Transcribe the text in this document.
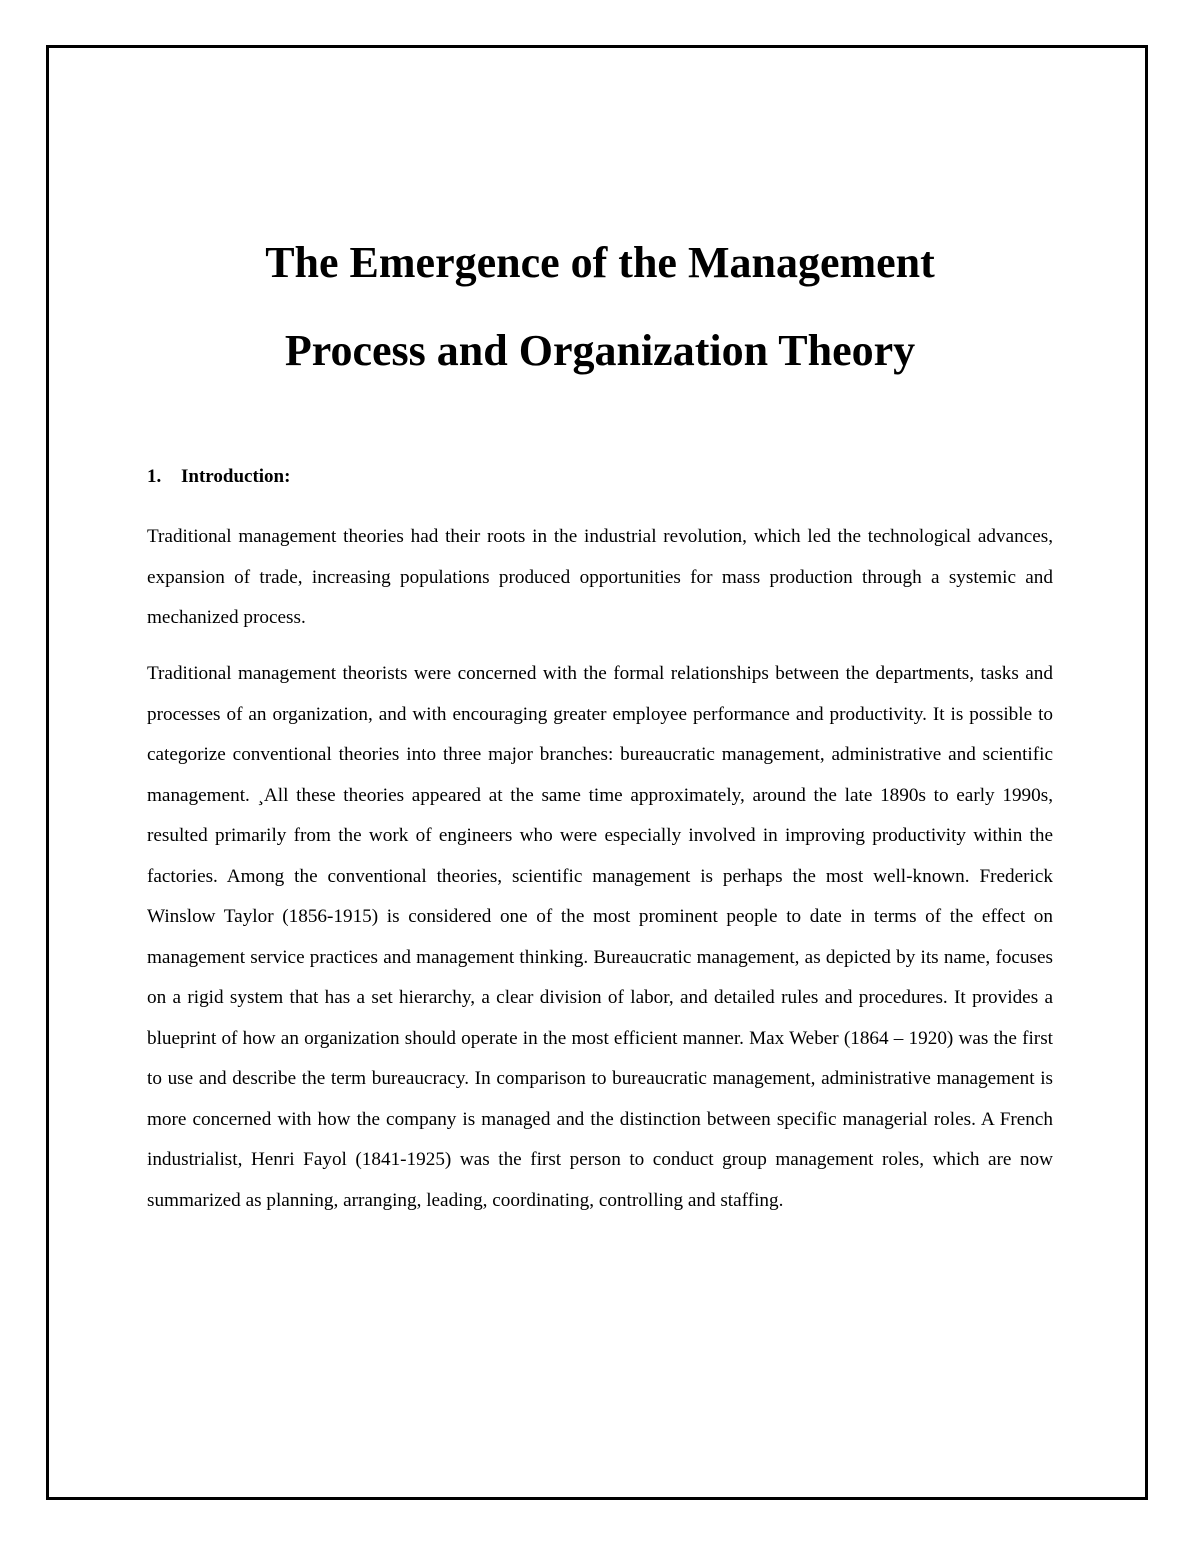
The Emergence of the Management
Process and Organization Theory
1. Introduction:

Traditional management theories had their roots in the industrial revolution, which led the technological advances, expansion of trade, increasing populations produced opportunities for mass production through a systemic and mechanized process.

Traditional management theorists were concerned with the formal relationships between the departments, tasks and processes of an organization, and with encouraging greater employee performance and productivity. It is possible to categorize conventional theories into three major branches: bureaucratic management, administrative and scientific management. ¸All these theories appeared at the same time approximately, around the late 1890s to early 1990s, resulted primarily from the work of engineers who were especially involved in improving productivity within the factories. Among the conventional theories, scientific management is perhaps the most well-known. Frederick Winslow Taylor (1856-1915) is considered one of the most prominent people to date in terms of the effect on management service practices and management thinking. Bureaucratic management, as depicted by its name, focuses on a rigid system that has a set hierarchy, a clear division of labor, and detailed rules and procedures. It provides a blueprint of how an organization should operate in the most efficient manner. Max Weber (1864 – 1920) was the first to use and describe the term bureaucracy. In comparison to bureaucratic management, administrative management is more concerned with how the company is managed and the distinction between specific managerial roles. A French industrialist, Henri Fayol (1841-1925) was the first person to conduct group management roles, which are now summarized as planning, arranging, leading, coordinating, controlling and staffing.
